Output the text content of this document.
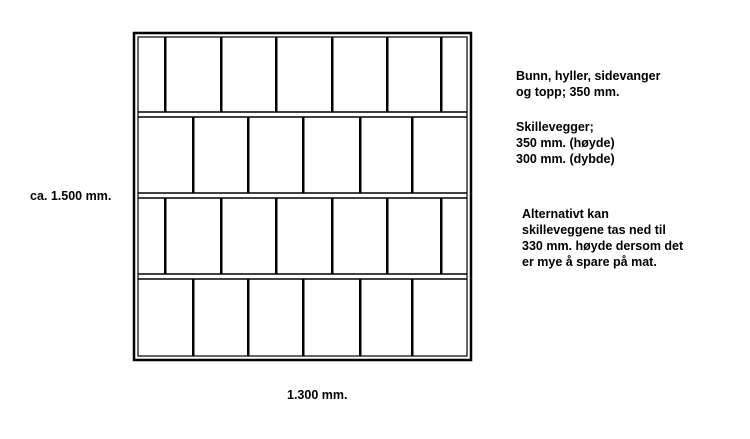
ca. 1.500 mm.
1.300 mm.
Bunn, hyller, sidevanger
og topp; 350 mm.
Skillevegger;
350 mm. (høyde)
300 mm. (dybde)
Alternativt kan
skilleveggene tas ned til
330 mm. høyde dersom det
er mye å spare på mat.
